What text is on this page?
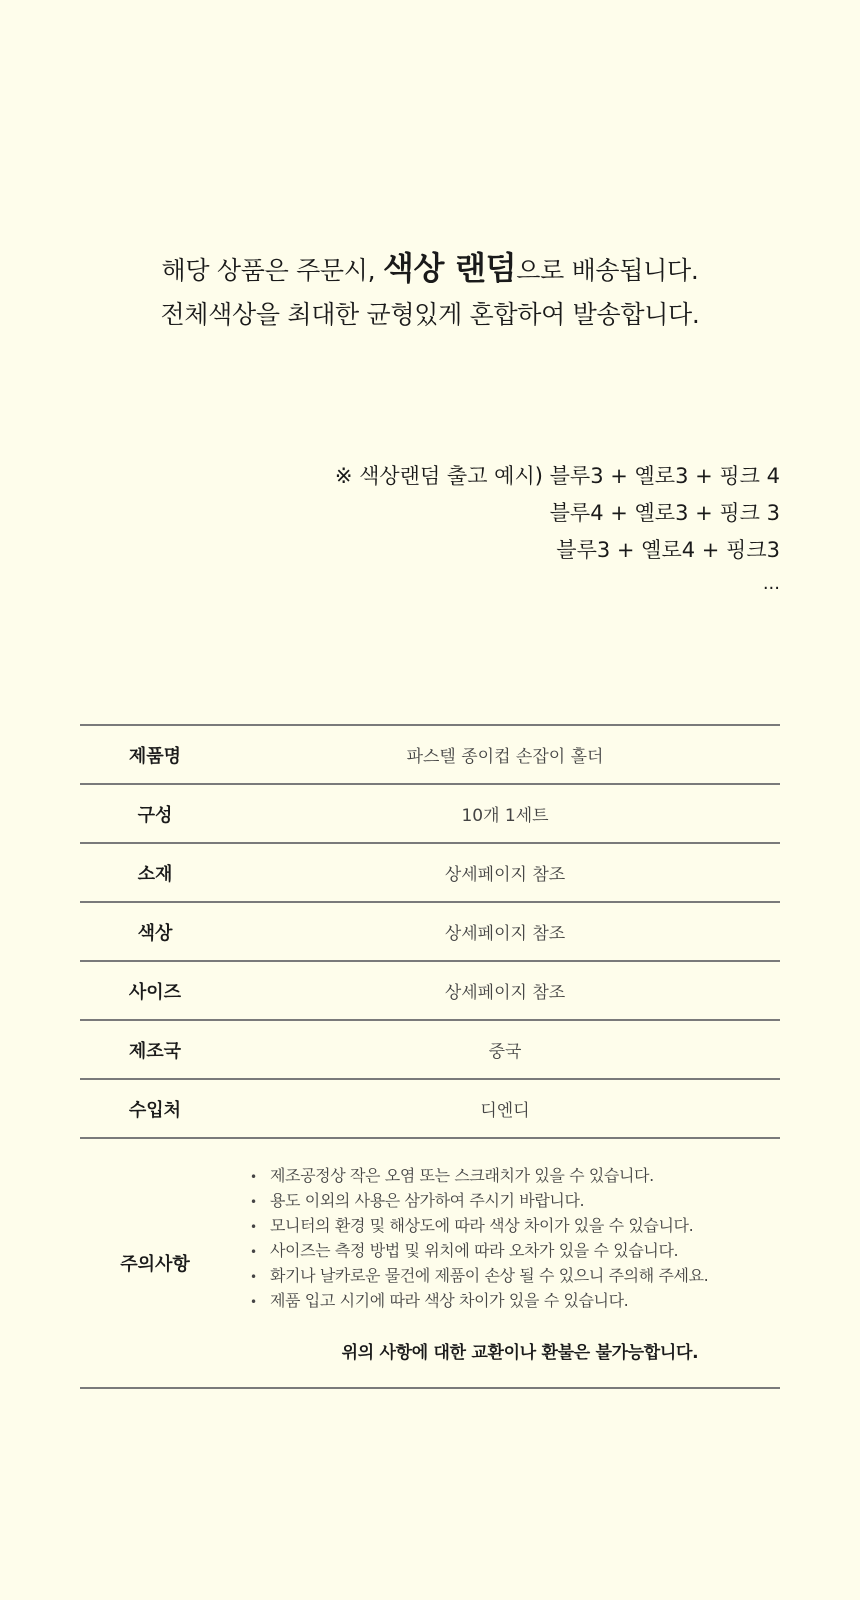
해당 상품은 주문시, 색상 랜덤으로 배송됩니다.
전체색상을 최대한 균형있게 혼합하여 발송합니다.
※ 색상랜덤 출고 예시) 블루3 + 옐로3 + 핑크 4
블루4 + 옐로3 + 핑크 3
블루3 + 옐로4 + 핑크3
...
제품명	파스텔 종이컵 손잡이 홀더
구성	10개 1세트
소재	상세페이지 참조
색상	상세페이지 참조
사이즈	상세페이지 참조
제조국	중국
수입처	디엔디
주의사항
• 제조공정상 작은 오염 또는 스크래치가 있을 수 있습니다.
• 용도 이외의 사용은 삼가하여 주시기 바랍니다.
• 모니터의 환경 및 해상도에 따라 색상 차이가 있을 수 있습니다.
• 사이즈는 측정 방법 및 위치에 따라 오차가 있을 수 있습니다.
• 화기나 날카로운 물건에 제품이 손상 될 수 있으니 주의해 주세요.
• 제품 입고 시기에 따라 색상 차이가 있을 수 있습니다.
위의 사항에 대한 교환이나 환불은 불가능합니다.
